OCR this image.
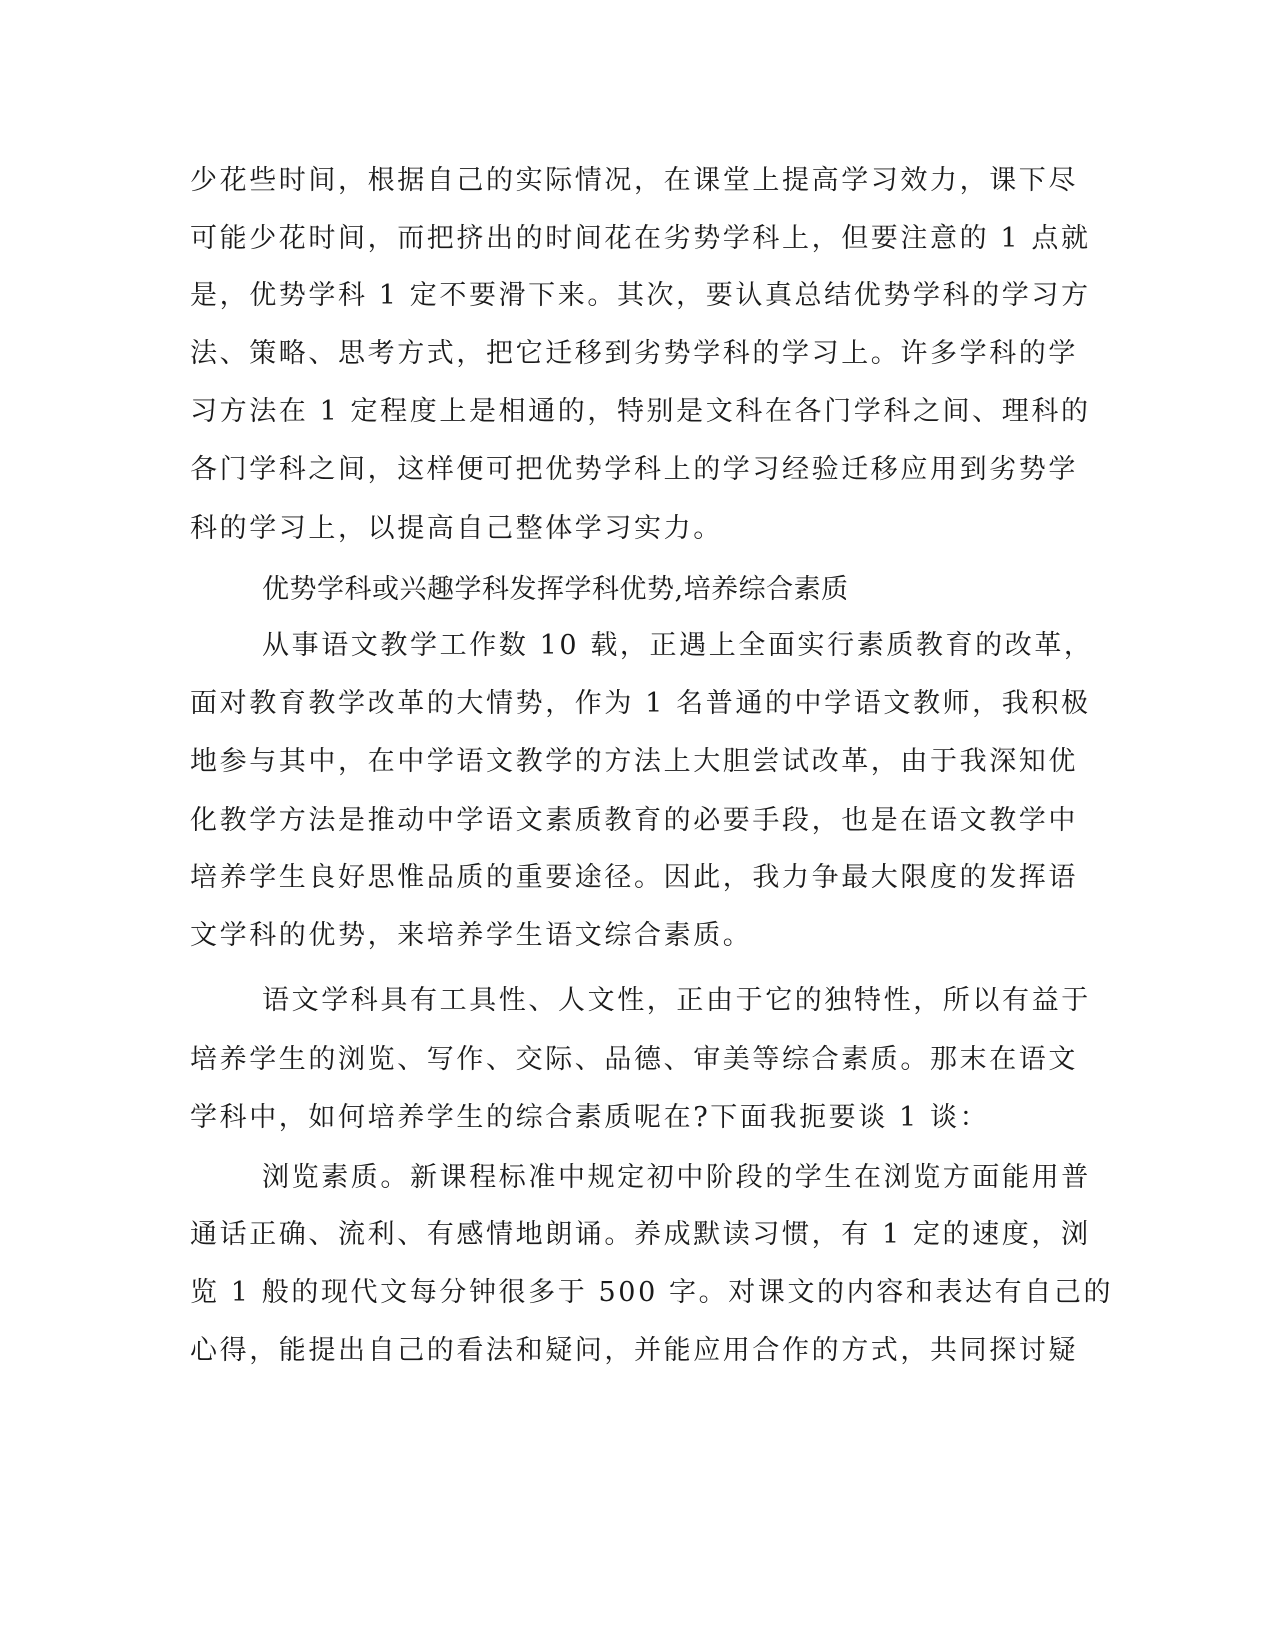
少花些时间，根据自己的实际情况，在课堂上提高学习效力，课下尽
可能少花时间，而把挤出的时间花在劣势学科上，但要注意的 1 点就
是，优势学科 1 定不要滑下来。其次，要认真总结优势学科的学习方
法、策略、思考方式，把它迁移到劣势学科的学习上。许多学科的学
习方法在 1 定程度上是相通的，特别是文科在各门学科之间、理科的
各门学科之间，这样便可把优势学科上的学习经验迁移应用到劣势学
科的学习上，以提高自己整体学习实力。
优势学科或兴趣学科发挥学科优势,培养综合素质
从事语文教学工作数 10 载，正遇上全面实行素质教育的改革，
面对教育教学改革的大情势，作为 1 名普通的中学语文教师，我积极
地参与其中，在中学语文教学的方法上大胆尝试改革，由于我深知优
化教学方法是推动中学语文素质教育的必要手段，也是在语文教学中
培养学生良好思惟品质的重要途径。因此，我力争最大限度的发挥语
文学科的优势，来培养学生语文综合素质。
语文学科具有工具性、人文性，正由于它的独特性，所以有益于
培养学生的浏览、写作、交际、品德、审美等综合素质。那末在语文
学科中，如何培养学生的综合素质呢在?下面我扼要谈 1 谈：
浏览素质。新课程标准中规定初中阶段的学生在浏览方面能用普
通话正确、流利、有感情地朗诵。养成默读习惯，有 1 定的速度，浏
览 1 般的现代文每分钟很多于 500 字。对课文的内容和表达有自己的
心得，能提出自己的看法和疑问，并能应用合作的方式，共同探讨疑
